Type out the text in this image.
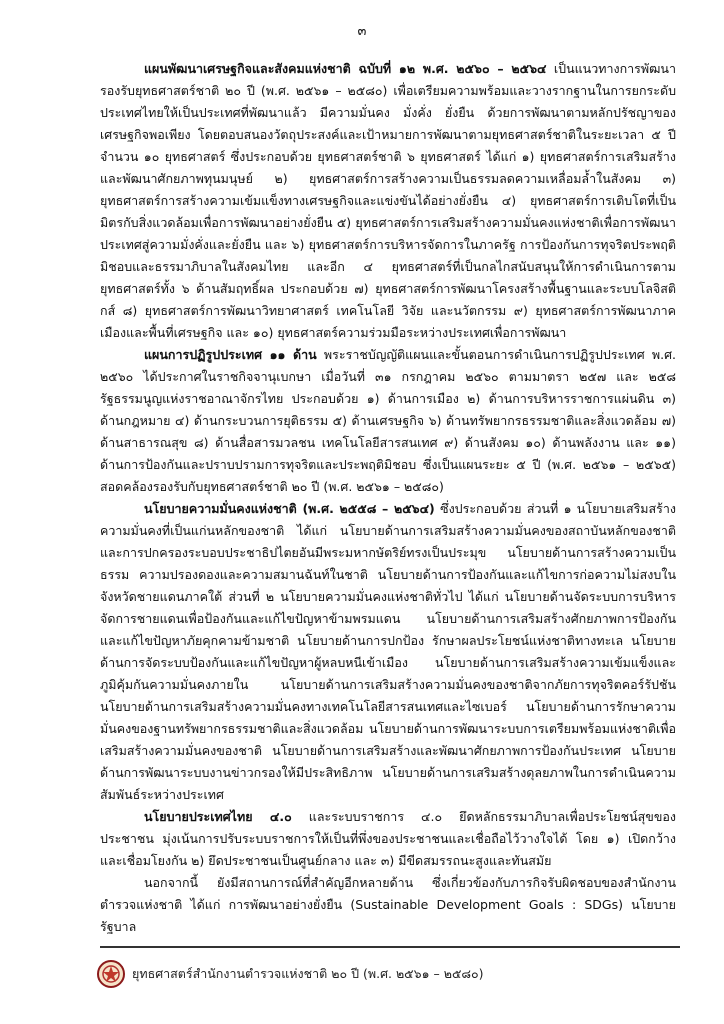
๓

แผนพัฒนาเศรษฐกิจและสังคมแห่งชาติ ฉบับที่ ๑๒ พ.ศ. ๒๕๖๐ – ๒๕๖๔ เป็นแนวทางการพัฒนารองรับยุทธศาสตร์ชาติ ๒๐ ปี (พ.ศ. ๒๕๖๑ – ๒๕๘๐) เพื่อเตรียมความพร้อมและวางรากฐานในการยกระดับประเทศไทยให้เป็นประเทศที่พัฒนาแล้ว มีความมั่นคง มั่งคั่ง ยั่งยืน ด้วยการพัฒนาตามหลักปรัชญาของเศรษฐกิจพอเพียง โดยตอบสนองวัตถุประสงค์และเป้าหมายการพัฒนาตามยุทธศาสตร์ชาติในระยะเวลา ๕ ปี จำนวน ๑๐ ยุทธศาสตร์ ซึ่งประกอบด้วย ยุทธศาสตร์ชาติ ๖ ยุทธศาสตร์ ได้แก่ ๑) ยุทธศาสตร์การเสริมสร้างและพัฒนาศักยภาพทุนมนุษย์ ๒) ยุทธศาสตร์การสร้างความเป็นธรรมลดความเหลื่อมล้ำในสังคม ๓) ยุทธศาสตร์การสร้างความเข้มแข็งทางเศรษฐกิจและแข่งขันได้อย่างยั่งยืน ๔) ยุทธศาสตร์การเติบโตที่เป็นมิตรกับสิ่งแวดล้อมเพื่อการพัฒนาอย่างยั่งยืน ๕) ยุทธศาสตร์การเสริมสร้างความมั่นคงแห่งชาติเพื่อการพัฒนาประเทศสู่ความมั่งคั่งและยั่งยืน และ ๖) ยุทธศาสตร์การบริหารจัดการในภาครัฐ การป้องกันการทุจริตประพฤติมิชอบและธรรมาภิบาลในสังคมไทย และอีก ๔ ยุทธศาสตร์ที่เป็นกลไกสนับสนุนให้การดำเนินการตามยุทธศาสตร์ทั้ง ๖ ด้านสัมฤทธิ์ผล ประกอบด้วย ๗) ยุทธศาสตร์การพัฒนาโครงสร้างพื้นฐานและระบบโลจิสติกส์ ๘) ยุทธศาสตร์การพัฒนาวิทยาศาสตร์ เทคโนโลยี วิจัย และนวัตกรรม ๙) ยุทธศาสตร์การพัฒนาภาคเมืองและพื้นที่เศรษฐกิจ และ ๑๐) ยุทธศาสตร์ความร่วมมือระหว่างประเทศเพื่อการพัฒนา

แผนการปฏิรูปประเทศ ๑๑ ด้าน พระราชบัญญัติแผนและขั้นตอนการดำเนินการปฏิรูปประเทศ พ.ศ. ๒๕๖๐ ได้ประกาศในราชกิจจานุเบกษา เมื่อวันที่ ๓๑ กรกฎาคม ๒๕๖๐ ตามมาตรา ๒๕๗ และ ๒๕๘ รัฐธรรมนูญแห่งราชอาณาจักรไทย ประกอบด้วย ๑) ด้านการเมือง ๒) ด้านการบริหารราชการแผ่นดิน ๓) ด้านกฎหมาย ๔) ด้านกระบวนการยุติธรรม ๕) ด้านเศรษฐกิจ ๖) ด้านทรัพยากรธรรมชาติและสิ่งแวดล้อม ๗) ด้านสาธารณสุข ๘) ด้านสื่อสารมวลชน เทคโนโลยีสารสนเทศ ๙) ด้านสังคม ๑๐) ด้านพลังงาน และ ๑๑) ด้านการป้องกันและปราบปรามการทุจริตและประพฤติมิชอบ ซึ่งเป็นแผนระยะ ๕ ปี (พ.ศ. ๒๕๖๑ – ๒๕๖๕) สอดคล้องรองรับกับยุทธศาสตร์ชาติ ๒๐ ปี (พ.ศ. ๒๕๖๑ – ๒๕๘๐)

นโยบายความมั่นคงแห่งชาติ (พ.ศ. ๒๕๕๘ – ๒๕๖๔) ซึ่งประกอบด้วย ส่วนที่ ๑ นโยบายเสริมสร้างความมั่นคงที่เป็นแก่นหลักของชาติ ได้แก่ นโยบายด้านการเสริมสร้างความมั่นคงของสถาบันหลักของชาติและการปกครองระบอบประชาธิปไตยอันมีพระมหากษัตริย์ทรงเป็นประมุข นโยบายด้านการสร้างความเป็นธรรม ความปรองดองและความสมานฉันท์ในชาติ นโยบายด้านการป้องกันและแก้ไขการก่อความไม่สงบในจังหวัดชายแดนภาคใต้ ส่วนที่ ๒ นโยบายความมั่นคงแห่งชาติทั่วไป ได้แก่ นโยบายด้านจัดระบบการบริหารจัดการชายแดนเพื่อป้องกันและแก้ไขปัญหาข้ามพรมแดน นโยบายด้านการเสริมสร้างศักยภาพการป้องกันและแก้ไขปัญหาภัยคุกคามข้ามชาติ นโยบายด้านการปกป้อง รักษาผลประโยชน์แห่งชาติทางทะเล นโยบายด้านการจัดระบบป้องกันและแก้ไขปัญหาผู้หลบหนีเข้าเมือง นโยบายด้านการเสริมสร้างความเข้มแข็งและภูมิคุ้มกันความมั่นคงภายใน นโยบายด้านการเสริมสร้างความมั่นคงของชาติจากภัยการทุจริตคอร์รัปชัน นโยบายด้านการเสริมสร้างความมั่นคงทางเทคโนโลยีสารสนเทศและไซเบอร์ นโยบายด้านการรักษาความมั่นคงของฐานทรัพยากรธรรมชาติและสิ่งแวดล้อม นโยบายด้านการพัฒนาระบบการเตรียมพร้อมแห่งชาติเพื่อเสริมสร้างความมั่นคงของชาติ นโยบายด้านการเสริมสร้างและพัฒนาศักยภาพการป้องกันประเทศ นโยบายด้านการพัฒนาระบบงานข่าวกรองให้มีประสิทธิภาพ นโยบายด้านการเสริมสร้างดุลยภาพในการดำเนินความสัมพันธ์ระหว่างประเทศ

นโยบายประเทศไทย ๔.๐ และระบบราชการ ๔.๐ ยึดหลักธรรมาภิบาลเพื่อประโยชน์สุขของประชาชน มุ่งเน้นการปรับระบบราชการให้เป็นที่พึ่งของประชาชนและเชื่อถือไว้วางใจได้ โดย ๑) เปิดกว้างและเชื่อมโยงกัน ๒) ยึดประชาชนเป็นศูนย์กลาง และ ๓) มีขีดสมรรถนะสูงและทันสมัย

นอกจากนี้ ยังมีสถานการณ์ที่สำคัญอีกหลายด้าน ซึ่งเกี่ยวข้องกับภารกิจรับผิดชอบของสำนักงานตำรวจแห่งชาติ ได้แก่ การพัฒนาอย่างยั่งยืน (Sustainable Development Goals : SDGs) นโยบายรัฐบาล

ยุทธศาสตร์สำนักงานตำรวจแห่งชาติ ๒๐ ปี (พ.ศ. ๒๕๖๑ – ๒๕๘๐)
